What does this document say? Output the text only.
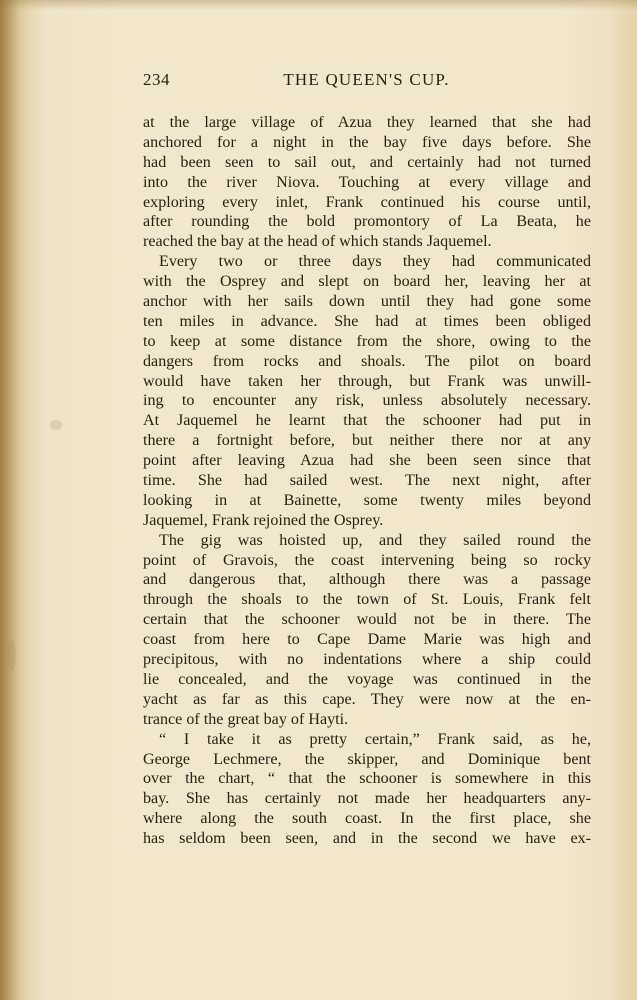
234	THE QUEEN'S CUP.
at the large village of Azua they learned that she had
anchored for a night in the bay five days before. She
had been seen to sail out, and certainly had not turned
into the river Niova. Touching at every village and
exploring every inlet, Frank continued his course until,
after rounding the bold promontory of La Beata, he
reached the bay at the head of which stands Jaquemel.
Every two or three days they had communicated
with the Osprey and slept on board her, leaving her at
anchor with her sails down until they had gone some
ten miles in advance. She had at times been obliged
to keep at some distance from the shore, owing to the
dangers from rocks and shoals. The pilot on board
would have taken her through, but Frank was unwill-
ing to encounter any risk, unless absolutely necessary.
At Jaquemel he learnt that the schooner had put in
there a fortnight before, but neither there nor at any
point after leaving Azua had she been seen since that
time. She had sailed west. The next night, after
looking in at Bainette, some twenty miles beyond
Jaquemel, Frank rejoined the Osprey.
The gig was hoisted up, and they sailed round the
point of Gravois, the coast intervening being so rocky
and dangerous that, although there was a passage
through the shoals to the town of St. Louis, Frank felt
certain that the schooner would not be in there. The
coast from here to Cape Dame Marie was high and
precipitous, with no indentations where a ship could
lie concealed, and the voyage was continued in the
yacht as far as this cape. They were now at the en-
trance of the great bay of Hayti.
“ I take it as pretty certain,” Frank said, as he,
George Lechmere, the skipper, and Dominique bent
over the chart, “ that the schooner is somewhere in this
bay. She has certainly not made her headquarters any-
where along the south coast. In the first place, she
has seldom been seen, and in the second we have ex-
